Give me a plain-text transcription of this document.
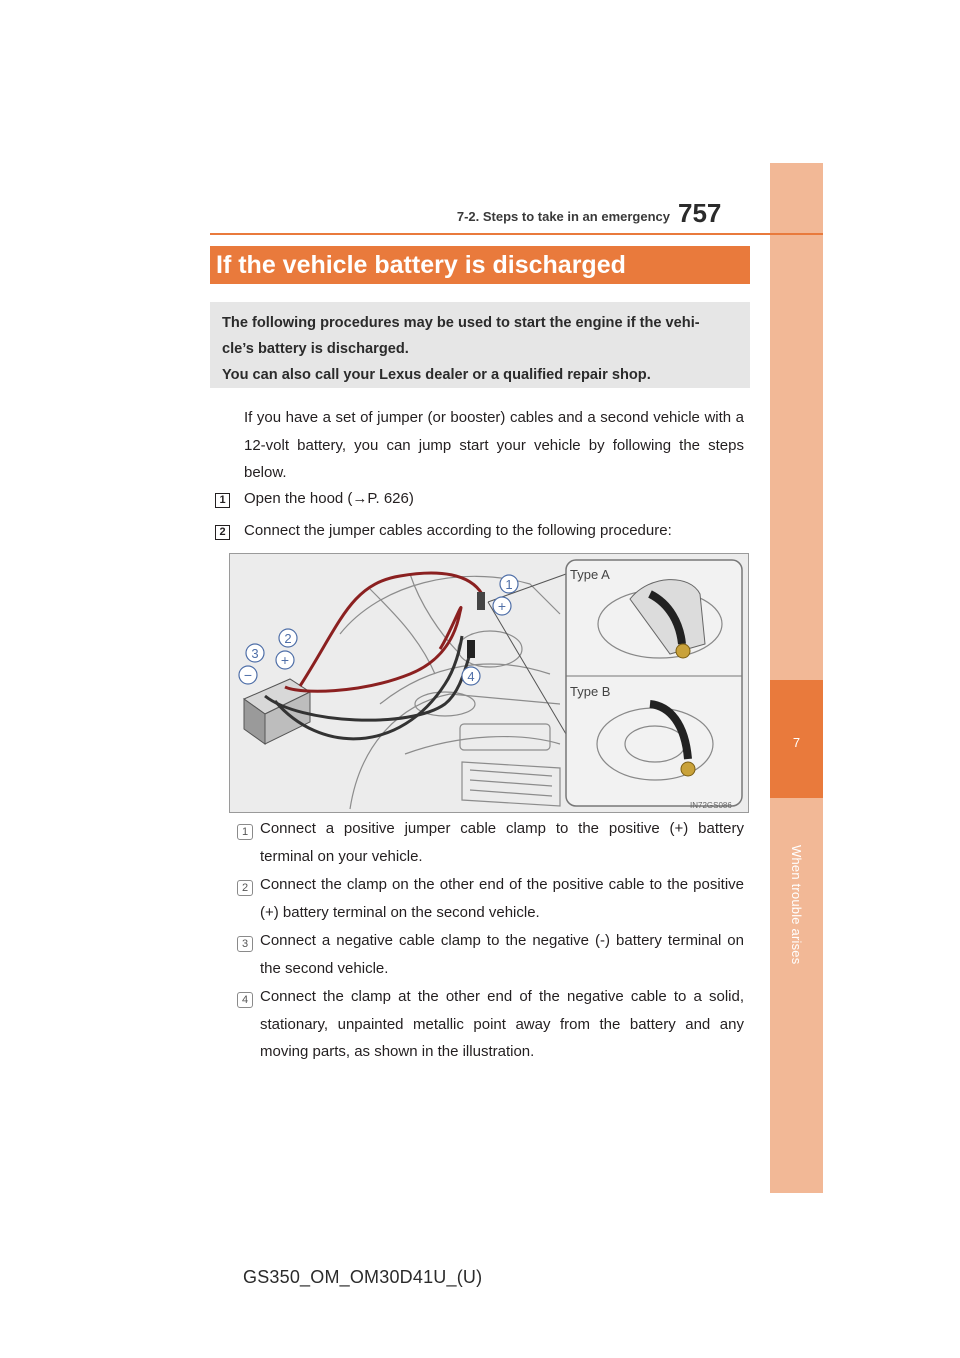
7
When trouble arises
7-2. Steps to take in an emergency 757
If the vehicle battery is discharged
The following procedures may be used to start the engine if the vehi-
cle’s battery is discharged.
You can also call your Lexus dealer or a qualified repair shop.
If you have a set of jumper (or booster) cables and a second vehicle with a 12-volt battery, you can jump start your vehicle by following the steps below.
1 Open the hood (→P. 626)
2 Connect the jumper cables according to the following procedure:
1
+
2
+
3
−	4
Type A
Type B
IN72GS086
1 Connect a positive jumper cable clamp to the positive (+) battery terminal on your vehicle.
2 Connect the clamp on the other end of the positive cable to the positive (+) battery terminal on the second vehicle.
3 Connect a negative cable clamp to the negative (-) battery terminal on the second vehicle.
4 Connect the clamp at the other end of the negative cable to a solid, stationary, unpainted metallic point away from the battery and any moving parts, as shown in the illustration.
GS350_OM_OM30D41U_(U)
